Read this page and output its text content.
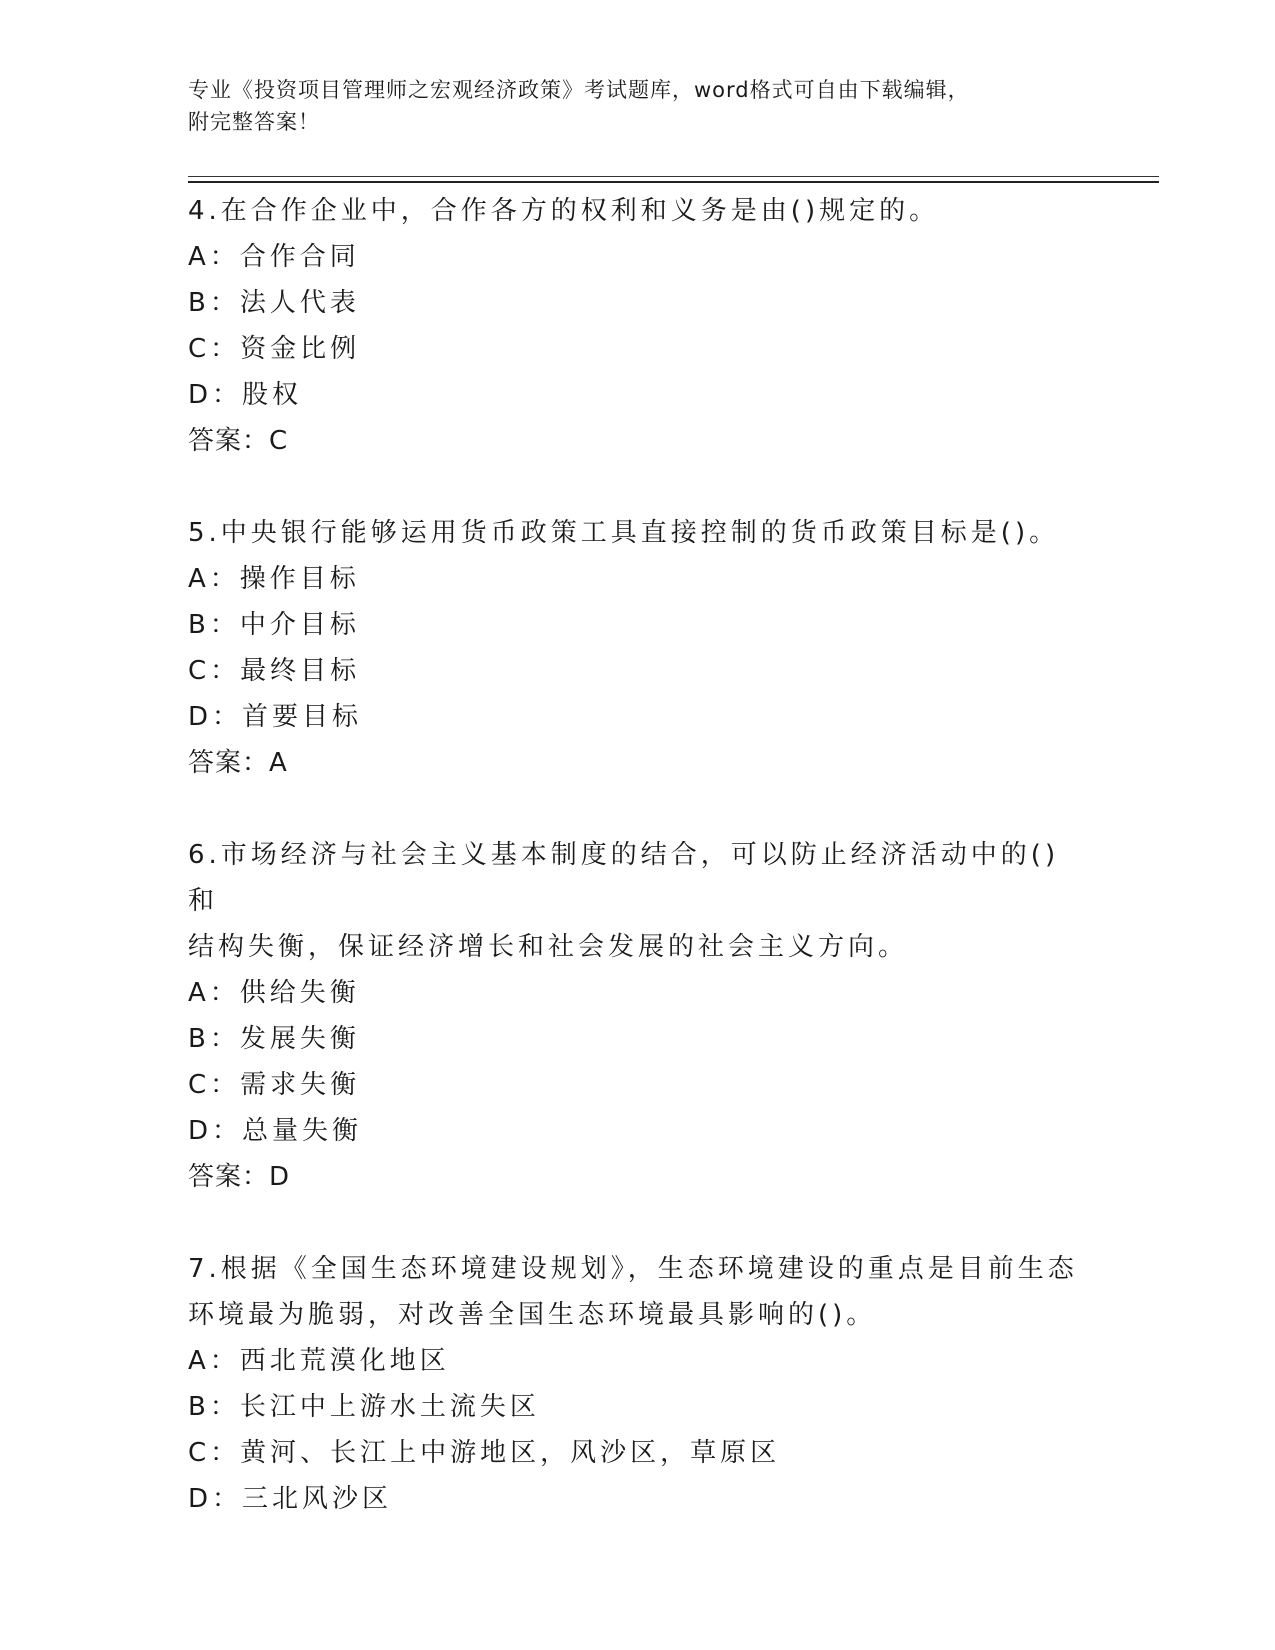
专业《投资项目管理师之宏观经济政策》考试题库，word格式可自由下载编辑，
附完整答案！
4.在合作企业中，合作各方的权利和义务是由()规定的。
A：合作合同
B：法人代表
C：资金比例
D：股权
答案：C
5.中央银行能够运用货币政策工具直接控制的货币政策目标是()。
A：操作目标
B：中介目标
C：最终目标
D：首要目标
答案：A
6.市场经济与社会主义基本制度的结合，可以防止经济活动中的()和
结构失衡，保证经济增长和社会发展的社会主义方向。
A：供给失衡
B：发展失衡
C：需求失衡
D：总量失衡
答案：D
7.根据《全国生态环境建设规划》，生态环境建设的重点是目前生态
环境最为脆弱，对改善全国生态环境最具影响的()。
A：西北荒漠化地区
B：长江中上游水土流失区
C：黄河、长江上中游地区，风沙区，草原区
D：三北风沙区
